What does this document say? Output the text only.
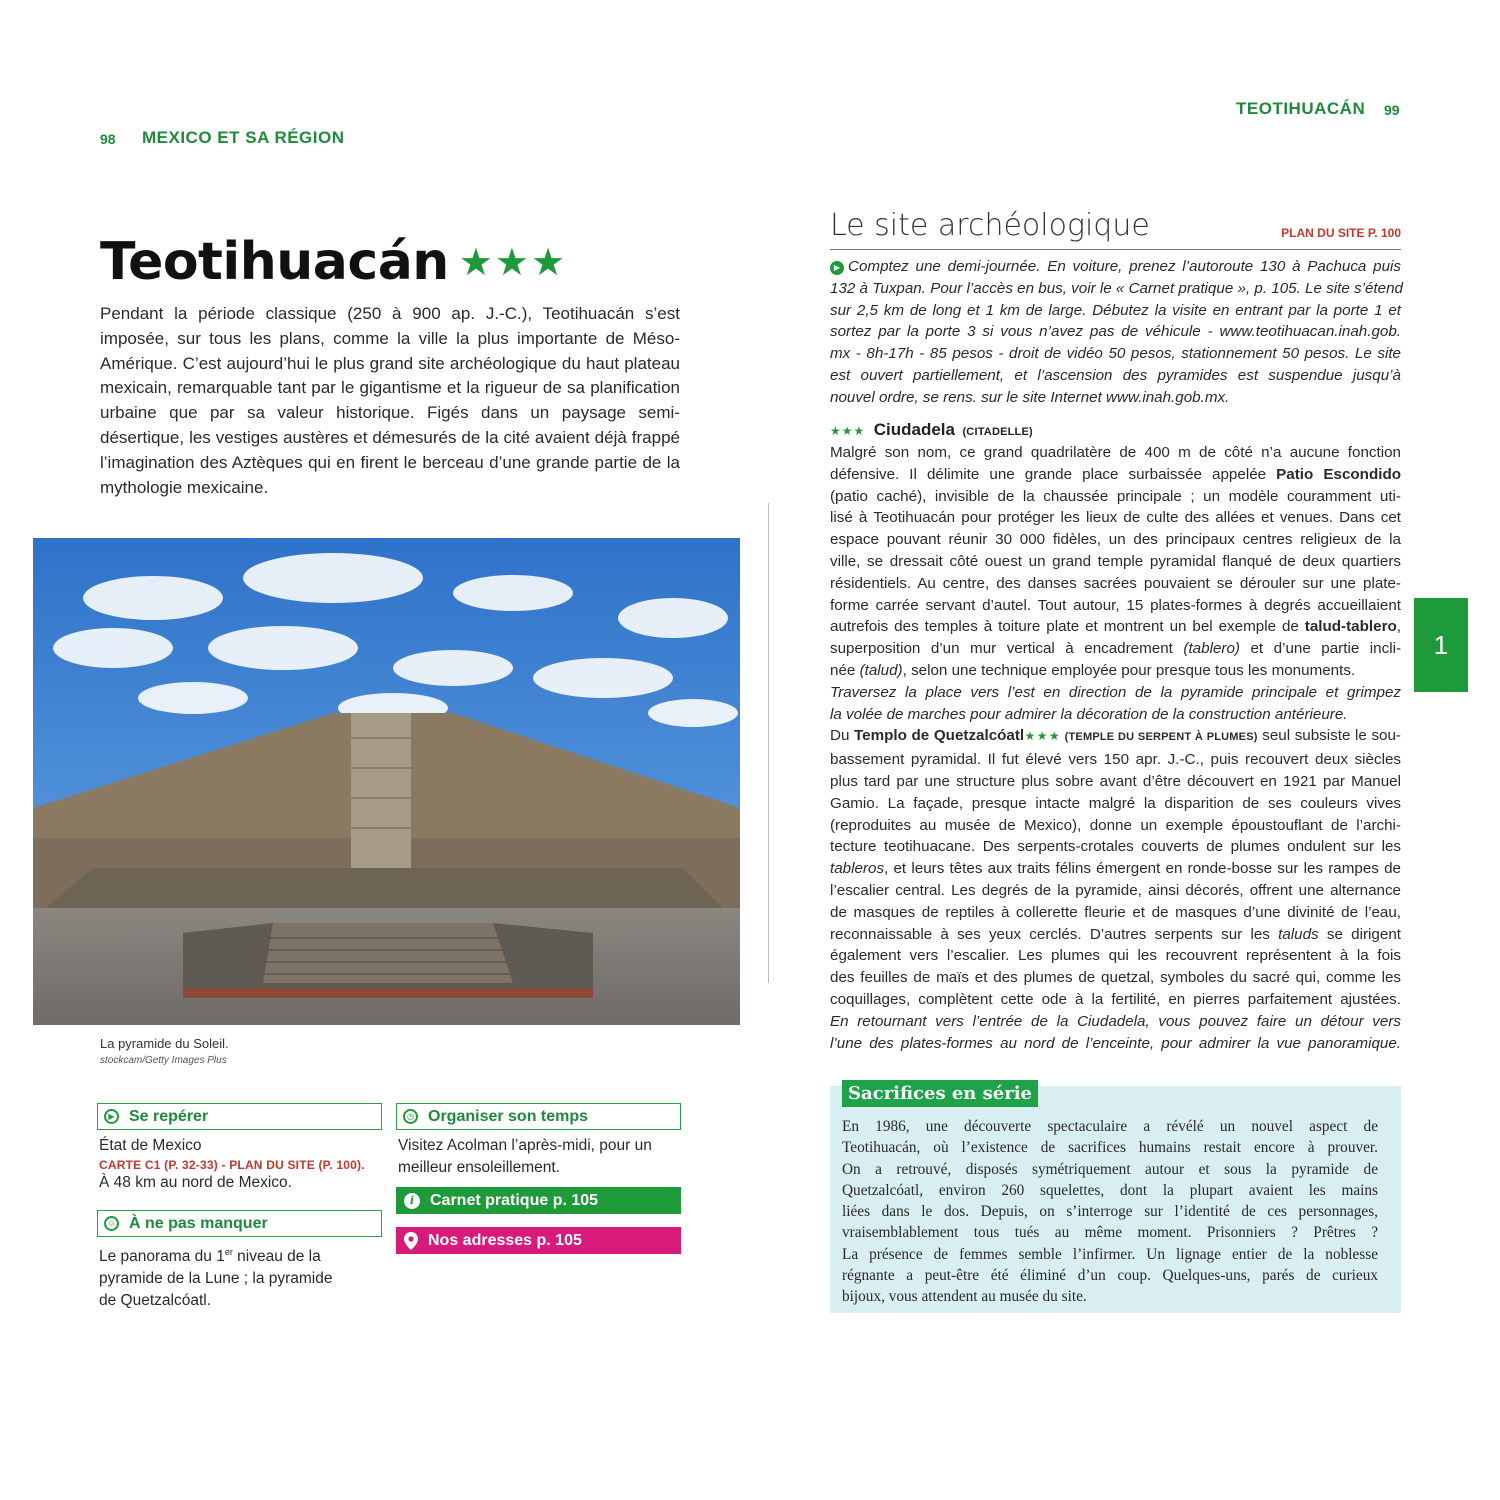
98 MEXICO ET SA RÉGION
Teotihuacán ★★★
Pendant la période classique (250 à 900 ap. J.-C.), Teotihuacán s’est imposée, sur tous les plans, comme la ville la plus importante de Méso-Amérique. C’est aujourd’hui le plus grand site archéologique du haut plateau mexicain, remarquable tant par le gigantisme et la rigueur de sa planification urbaine que par sa valeur historique. Figés dans un paysage semi-désertique, les vestiges austères et démesurés de la cité avaient déjà frappé l’imagination des Aztèques qui en firent le berceau d’une grande partie de la mythologie mexicaine.
La pyramide du Soleil.
stockcam/Getty Images Plus
▶ Se repérer
État de Mexico
CARTE C1 (P. 32-33) - PLAN DU SITE (P. 100).
À 48 km au nord de Mexico.
☺ À ne pas manquer
Le panorama du 1er niveau de la
pyramide de la Lune ; la pyramide
de Quetzalcóatl.
◷ Organiser son temps
Visitez Acolman l’après-midi, pour un meilleur ensoleillement.
i Carnet pratique p. 105
Nos adresses p. 105
TEOTIHUACÁN 99
1
Le site archéologique	PLAN DU SITE P. 100
▶ Comptez une demi-journée. En voiture, prenez l’autoroute 130 à Pachuca puis
132 à Tuxpan. Pour l’accès en bus, voir le « Carnet pratique », p. 105. Le site s’étend
sur 2,5 km de long et 1 km de large. Débutez la visite en entrant par la porte 1 et
sortez par la porte 3 si vous n’avez pas de véhicule - www.teotihuacan.inah.gob.
mx - 8h-17h - 85 pesos - droit de vidéo 50 pesos, stationnement 50 pesos. Le site
est ouvert partiellement, et l’ascension des pyramides est suspendue jusqu’à
nouvel ordre, se rens. sur le site Internet www.inah.gob.mx.
★★★ Ciudadela (CITADELLE)
Malgré son nom, ce grand quadrilatère de 400 m de côté n’a aucune fonction
défensive. Il délimite une grande place surbaissée appelée Patio Escondido
(patio caché), invisible de la chaussée principale ; un modèle couramment uti-
lisé à Teotihuacán pour protéger les lieux de culte des allées et venues. Dans cet
espace pouvant réunir 30 000 fidèles, un des principaux centres religieux de la
ville, se dressait côté ouest un grand temple pyramidal flanqué de deux quartiers
résidentiels. Au centre, des danses sacrées pouvaient se dérouler sur une plate-
forme carrée servant d’autel. Tout autour, 15 plates-formes à degrés accueillaient
autrefois des temples à toiture plate et montrent un bel exemple de talud-tablero,
superposition d’un mur vertical à encadrement (tablero) et d’une partie incli-
née (talud), selon une technique employée pour presque tous les monuments.
Traversez la place vers l’est en direction de la pyramide principale et grimpez
la volée de marches pour admirer la décoration de la construction antérieure.
Du Templo de Quetzalcóatl★★★ (TEMPLE DU SERPENT À PLUMES) seul subsiste le sou-
bassement pyramidal. Il fut élevé vers 150 apr. J.-C., puis recouvert deux siècles
plus tard par une structure plus sobre avant d’être découvert en 1921 par Manuel
Gamio. La façade, presque intacte malgré la disparition de ses couleurs vives
(reproduites au musée de Mexico), donne un exemple époustouflant de l’archi-
tecture teotihuacane. Des serpents-crotales couverts de plumes ondulent sur les
tableros, et leurs têtes aux traits félins émergent en ronde-bosse sur les rampes de
l’escalier central. Les degrés de la pyramide, ainsi décorés, offrent une alternance
de masques de reptiles à collerette fleurie et de masques d’une divinité de l’eau,
reconnaissable à ses yeux cerclés. D’autres serpents sur les taluds se dirigent
également vers l’escalier. Les plumes qui les recouvrent représentent à la fois
des feuilles de maïs et des plumes de quetzal, symboles du sacré qui, comme les
coquillages, complètent cette ode à la fertilité, en pierres parfaitement ajustées.
En retournant vers l’entrée de la Ciudadela, vous pouvez faire un détour vers
l’une des plates-formes au nord de l’enceinte, pour admirer la vue panoramique.
Sacrifices en série
En 1986, une découverte spectaculaire a révélé un nouvel aspect de
Teotihuacán, où l’existence de sacrifices humains restait encore à prouver.
On a retrouvé, disposés symétriquement autour et sous la pyramide de
Quetzalcóatl, environ 260 squelettes, dont la plupart avaient les mains
liées dans le dos. Depuis, on s’interroge sur l’identité de ces personnages,
vraisemblablement tous tués au même moment. Prisonniers ? Prêtres ?
La présence de femmes semble l’infirmer. Un lignage entier de la noblesse
régnante a peut-être été éliminé d’un coup. Quelques-uns, parés de curieux
bijoux, vous attendent au musée du site.
